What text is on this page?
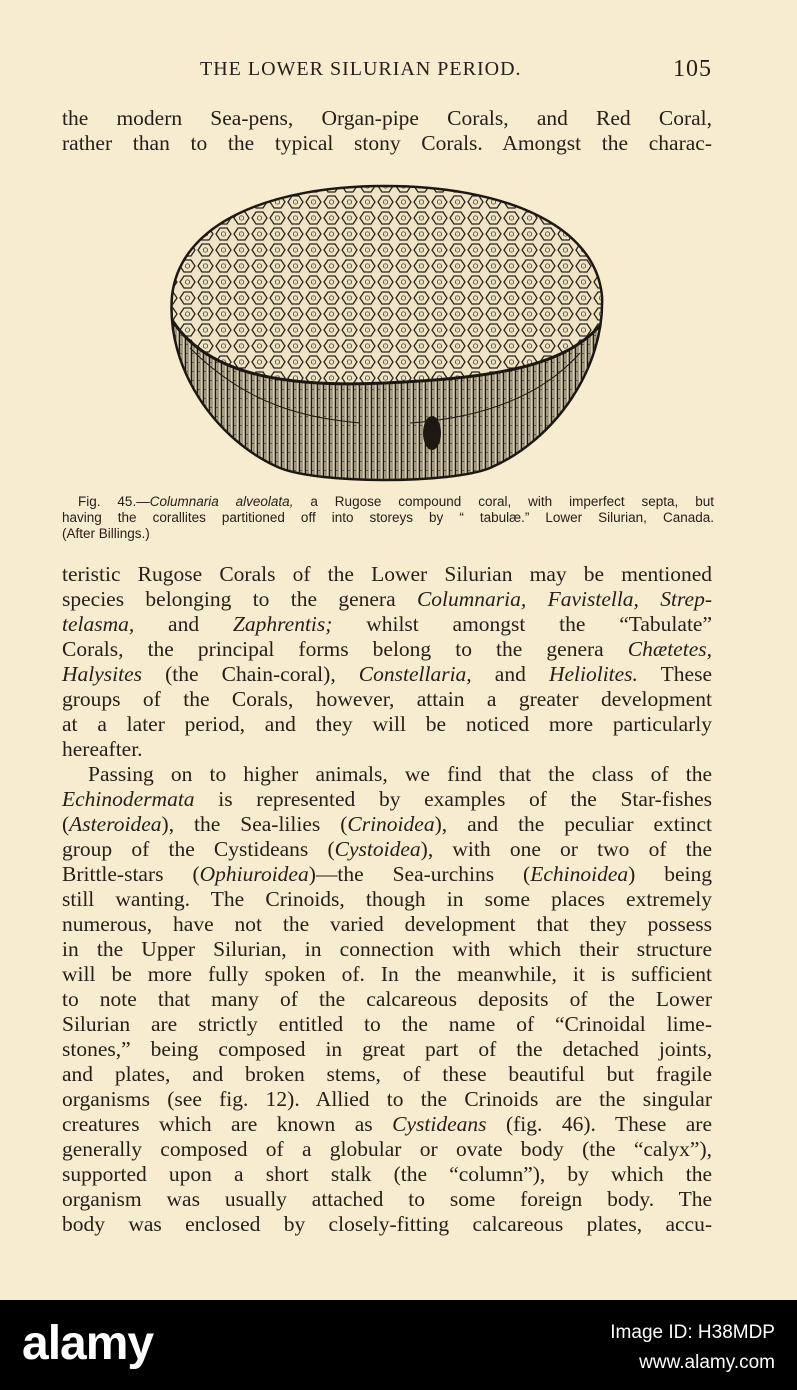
THE LOWER SILURIAN PERIOD.	105
the modern Sea-pens, Organ-pipe Corals, and Red Coral,
rather than to the typical stony Corals. Amongst the charac-
Fig. 45.—Columnaria alveolata, a Rugose compound coral, with imperfect septa, but
having the corallites partitioned off into storeys by “ tabulæ.” Lower Silurian, Canada.
(After Billings.)
teristic Rugose Corals of the Lower Silurian may be mentioned
species belonging to the genera Columnaria, Favistella, Strep-
telasma, and Zaphrentis; whilst amongst the “Tabulate”
Corals, the principal forms belong to the genera Chætetes,
Halysites (the Chain-coral), Constellaria, and Heliolites. These
groups of the Corals, however, attain a greater development
at a later period, and they will be noticed more particularly
hereafter.
Passing on to higher animals, we find that the class of the
Echinodermata is represented by examples of the Star-fishes
(Asteroidea), the Sea-lilies (Crinoidea), and the peculiar extinct
group of the Cystideans (Cystoidea), with one or two of the
Brittle-stars (Ophiuroidea)—the Sea-urchins (Echinoidea) being
still wanting. The Crinoids, though in some places extremely
numerous, have not the varied development that they possess
in the Upper Silurian, in connection with which their structure
will be more fully spoken of. In the meanwhile, it is sufficient
to note that many of the calcareous deposits of the Lower
Silurian are strictly entitled to the name of “Crinoidal lime-
stones,” being composed in great part of the detached joints,
and plates, and broken stems, of these beautiful but fragile
organisms (see fig. 12). Allied to the Crinoids are the singular
creatures which are known as Cystideans (fig. 46). These are
generally composed of a globular or ovate body (the “calyx”),
supported upon a short stalk (the “column”), by which the
organism was usually attached to some foreign body. The
body was enclosed by closely-fitting calcareous plates, accu-
alamy	Image ID: H38MDP
www.alamy.com
